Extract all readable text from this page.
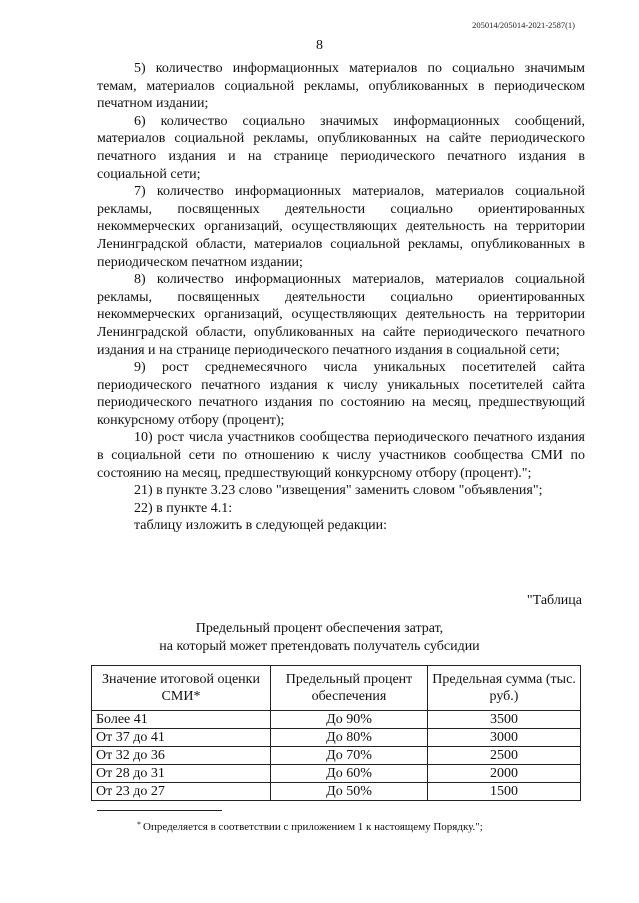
205014/205014-2021-2587(1)
8

5) количество информационных материалов по социально значимым темам, материалов социальной рекламы, опубликованных в периодическом печатном издании;

6) количество социально значимых информационных сообщений, материалов социальной рекламы, опубликованных на сайте периодического печатного издания и на странице периодического печатного издания в социальной сети;

7) количество информационных материалов, материалов социальной рекламы, посвященных деятельности социально ориентированных некоммерческих организаций, осуществляющих деятельность на территории Ленинградской области, материалов социальной рекламы, опубликованных в периодическом печатном издании;

8) количество информационных материалов, материалов социальной рекламы, посвященных деятельности социально ориентированных некоммерческих организаций, осуществляющих деятельность на территории Ленинградской области, опубликованных на сайте периодического печатного издания и на странице периодического печатного издания в социальной сети;

9) рост среднемесячного числа уникальных посетителей сайта периодического печатного издания к числу уникальных посетителей сайта периодического печатного издания по состоянию на месяц, предшествующий конкурсному отбору (процент);

10) рост числа участников сообщества периодического печатного издания в социальной сети по отношению к числу участников сообщества СМИ по состоянию на месяц, предшествующий конкурсному отбору (процент).";

21) в пункте 3.23 слово "извещения" заменить словом "объявления";

22) в пункте 4.1:

таблицу изложить в следующей редакции:

"Таблица
Предельный процент обеспечения затрат,
на который может претендовать получатель субсидии
Значение итоговой оценки СМИ*	Предельный процент обеспечения	Предельная сумма (тыс. руб.)
Более 41	До 90%	3500
От 37 до 41	До 80%	3000
От 32 до 36	До 70%	2500
От 28 до 31	До 60%	2000
От 23 до 27	До 50%	1500
* Определяется в соответствии с приложением 1 к настоящему Порядку.";
